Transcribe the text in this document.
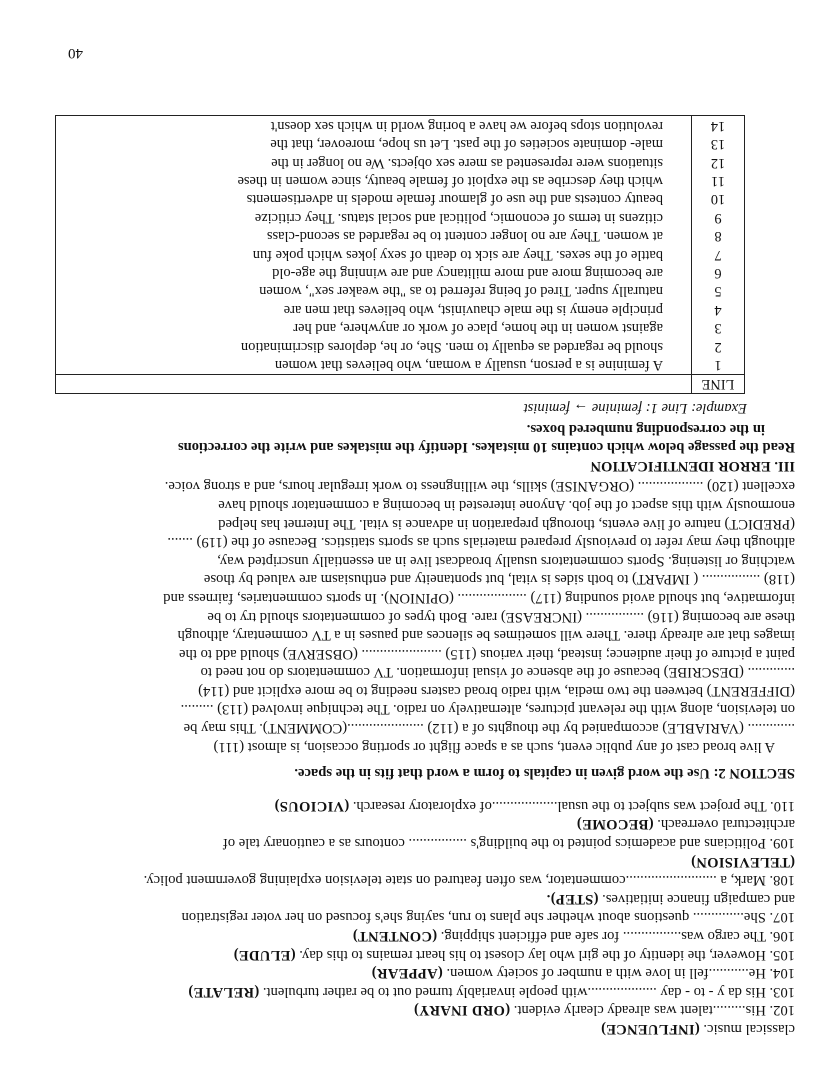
classical music. (INFLUENCE)

102. His.........talent was already clearly evident. (ORD INARY)

103. His da y - to - day ...................with people invariably turned out to be rather turbulent. (RELATE)

104. He...........fell in love with a number of society women. (APPEAR)

105. However, the identity of the girl who lay closest to his heart remains to this day. (ELUDE)

106. The cargo was................ for safe and efficient shipping. (CONTENT)

107. She.............. questions about whether she plans to run, saying she's focused on her voter registration

and campaign finance initiatives. (STEP).

108. Mark, a .........................commentator, was often featured on state television explaining government policy.

(TELEVISION)

109. Politicians and academics pointed to the building's ................ contours as a cautionary tale of

architectural overreach. (BECOME)

110. The project was subject to the usual..................of exploratory research. (VICIOUS)

SECTION 2: Use the word given in capitals to form a word that fits in the space.

A live broad cast of any public event, such as a space flight or sporting occasion, is almost (111)

............. (VARIABLE) accompanied by the thoughts of a (112) .....................(COMMENT). This may be

on television, along with the relevant pictures, alternatively on radio. The technique involved (113) .........

(DIFFERENT) between the two media, with radio broad casters needing to be more explicit and (114)

............. (DESCRIBE) because of the absence of visual information. TV commentators do not need to

paint a picture of their audience; instead, their various (115) ...................... (OBSERVE) should add to the

images that are already there. There will sometimes be silences and pauses in a TV commentary, although

these are becoming (116) ................ (INCREASE) rare. Both types of commentators should try to be

informative, but should avoid sounding (117) ................... (OPINION). In sports commentaries, fairness and

(118) ................ ( IMPART) to both sides is vital, but spontaneity and enthusiasm are valued by those

watching or listening. Sports commentators usually broadcast live in an essentially unscripted way,

although they may refer to previously prepared materials such as sports statistics. Because of the (119) .......

(PREDICT) nature of live events, thorough preparation in advance is vital. The Internet has helped

enormously with this aspect of the job. Anyone interested in becoming a commentator should have

excellent (120) .................. (ORGANISE) skills, the willingness to work irregular hours, and a strong voice.

III. ERROR IDENTIFICATION

Read the passage below which contains 10 mistakes. Identify the mistakes and write the corrections

in the corresponding numbered boxes.

Example: Line 1: feminine → feminist

LINE	
1	A feminine is a person, usually a woman, who believes that women
2	should be regarded as equally to men. She, or he, deplores discrimination
3	against women in the home, place of work or anywhere, and her
4	principle enemy is the male chauvinist, who believes that men are
5	naturally super. Tired of being referred to as "the weaker sex", women
6	are becoming more and more militancy and are winning the age-old
7	battle of the sexes. They are sick to death of sexy jokes which poke fun
8	at women. They are no longer content to be regarded as second-class
9	citizens in terms of economic, political and social status. They criticize
10	beauty contests and the use of glamour female models in advertisements
11	which they describe as the exploit of female beauty, since women in these
12	situations were represented as mere sex objects. We no longer in the
13	male- dominate societies of the past. Let us hope, moreover, that the
14	revolution stops before we have a boring world in which sex doesn't
40
